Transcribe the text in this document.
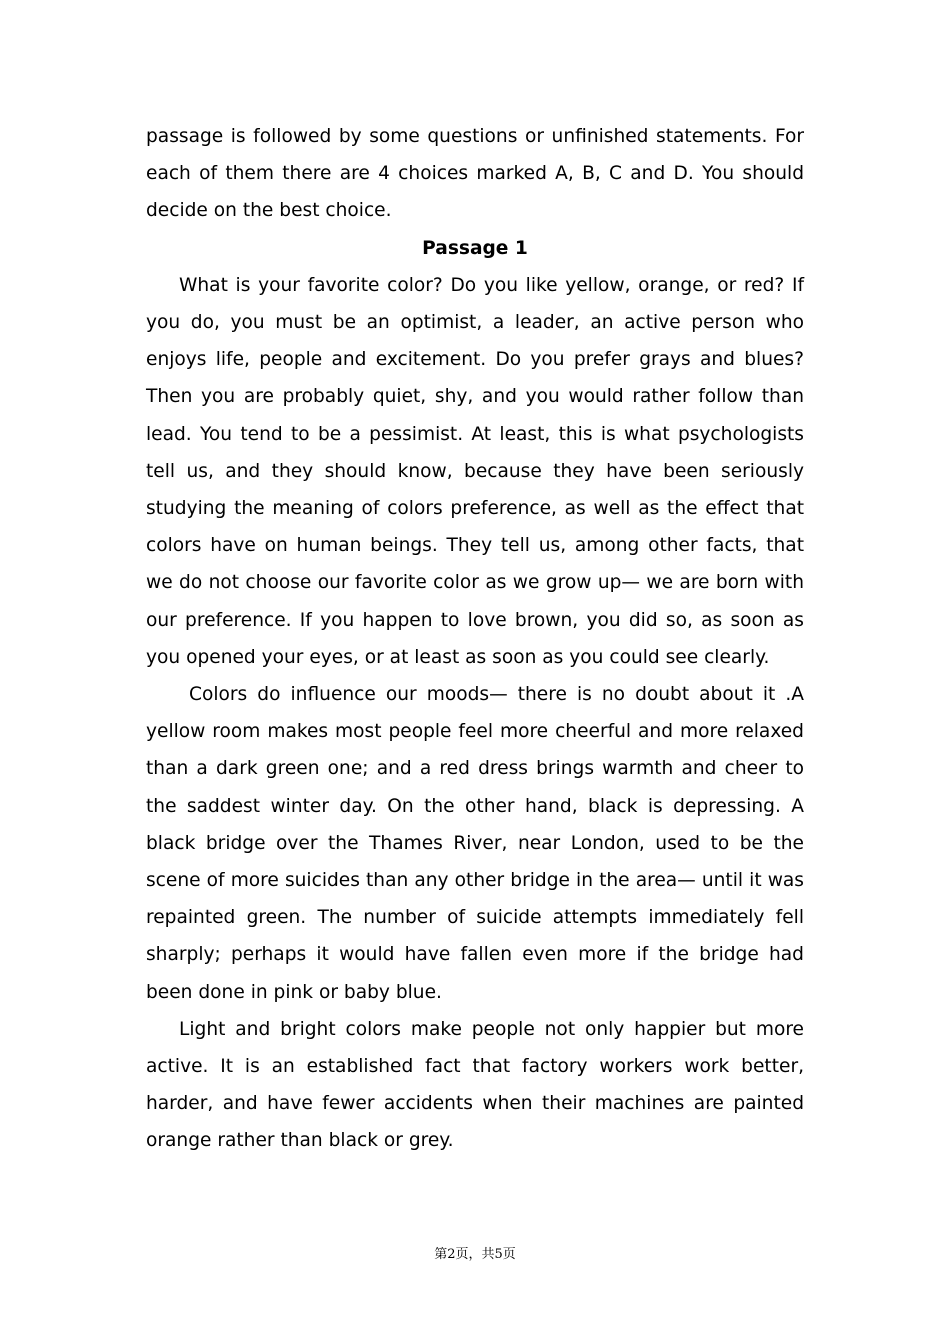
passage is followed by some questions or unfinished statements. For each of them there are 4 choices marked A, B, C and D. You should decide on the best choice.

Passage 1

What is your favorite color? Do you like yellow, orange, or red? If you do, you must be an optimist, a leader, an active person who enjoys life, people and excitement. Do you prefer grays and blues? Then you are probably quiet, shy, and you would rather follow than lead. You tend to be a pessimist. At least, this is what psychologists tell us, and they should know, because they have been seriously studying the meaning of colors preference, as well as the effect that colors have on human beings. They tell us, among other facts, that we do not choose our favorite color as we grow up— we are born with our preference. If you happen to love brown, you did so, as soon as you opened your eyes, or at least as soon as you could see clearly.

Colors do influence our moods— there is no doubt about it .A yellow room makes most people feel more cheerful and more relaxed than a dark green one; and a red dress brings warmth and cheer to the saddest winter day. On the other hand, black is depressing. A black bridge over the Thames River, near London, used to be the scene of more suicides than any other bridge in the area— until it was repainted green. The number of suicide attempts immediately fell sharply; perhaps it would have fallen even more if the bridge had been done in pink or baby blue.

Light and bright colors make people not only happier but more active. It is an established fact that factory workers work better, harder, and have fewer accidents when their machines are painted orange rather than black or grey.

第2页，共5页
